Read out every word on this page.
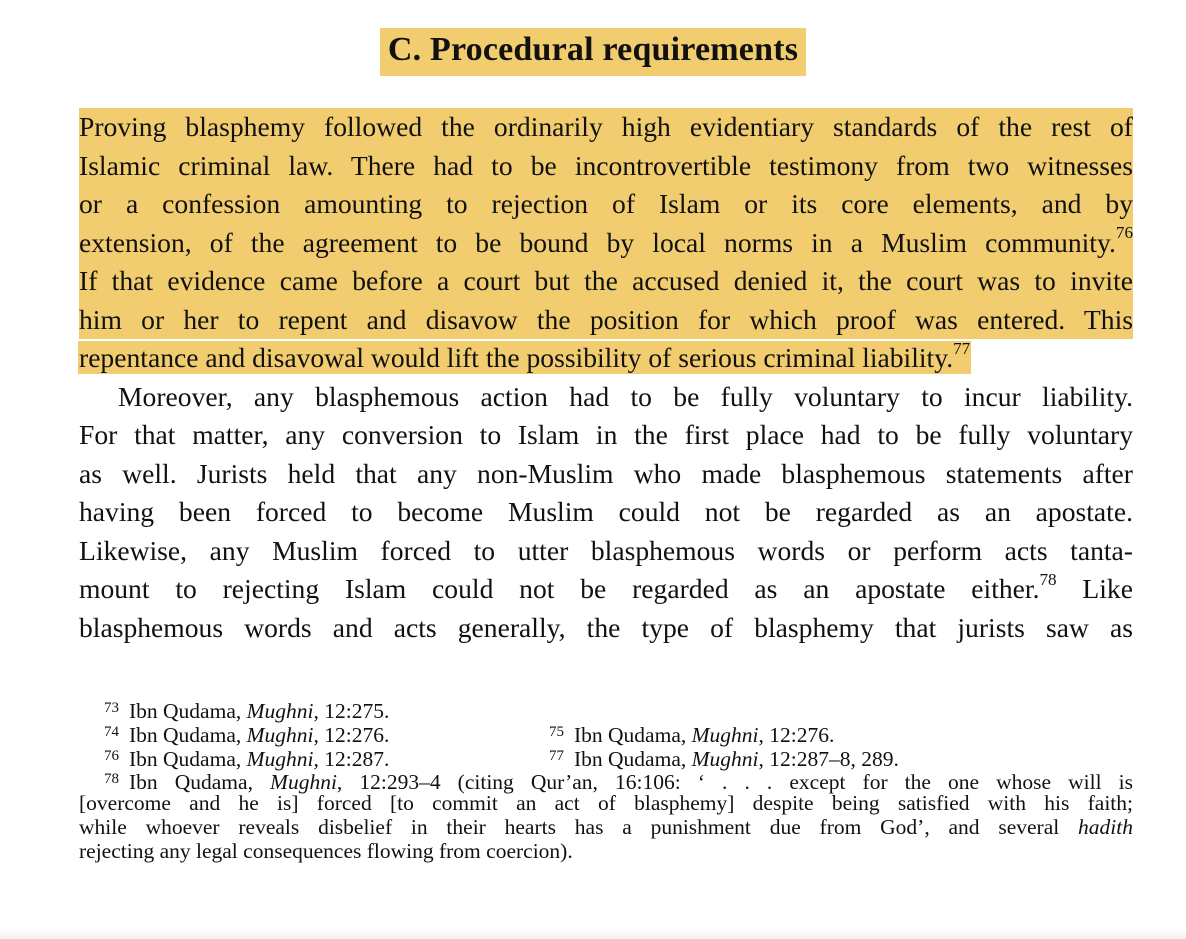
C. Procedural requirements
Proving blasphemy followed the ordinarily high evidentiary standards of the rest of
Islamic criminal law. There had to be incontrovertible testimony from two witnesses
or a confession amounting to rejection of Islam or its core elements, and by
extension, of the agreement to be bound by local norms in a Muslim community.$^{76}$
If that evidence came before a court but the accused denied it, the court was to invite
him or her to repent and disavow the position for which proof was entered. This
repentance and disavowal would lift the possibility of serious criminal liability.$^{77}$
Moreover, any blasphemous action had to be fully voluntary to incur liability.
For that matter, any conversion to Islam in the first place had to be fully voluntary
as well. Jurists held that any non-Muslim who made blasphemous statements after
having been forced to become Muslim could not be regarded as an apostate.
Likewise, any Muslim forced to utter blasphemous words or perform acts tanta-
mount to rejecting Islam could not be regarded as an apostate either.$^{78}$ Like
blasphemous words and acts generally, the type of blasphemy that jurists saw as
$^{73}$ Ibn Qudama, Mughni, 12:275.
$^{74}$ Ibn Qudama, Mughni, 12:276.	$^{75}$ Ibn Qudama, Mughni, 12:276.
$^{76}$ Ibn Qudama, Mughni, 12:287.	$^{77}$ Ibn Qudama, Mughni, 12:287–8, 289.
$^{78}$ Ibn Qudama, Mughni, 12:293–4 (citing Qur’an, 16:106: ‘ . . . except for the one whose will is
[overcome and he is] forced [to commit an act of blasphemy] despite being satisfied with his faith;
while whoever reveals disbelief in their hearts has a punishment due from God’, and several hadith
rejecting any legal consequences flowing from coercion).
